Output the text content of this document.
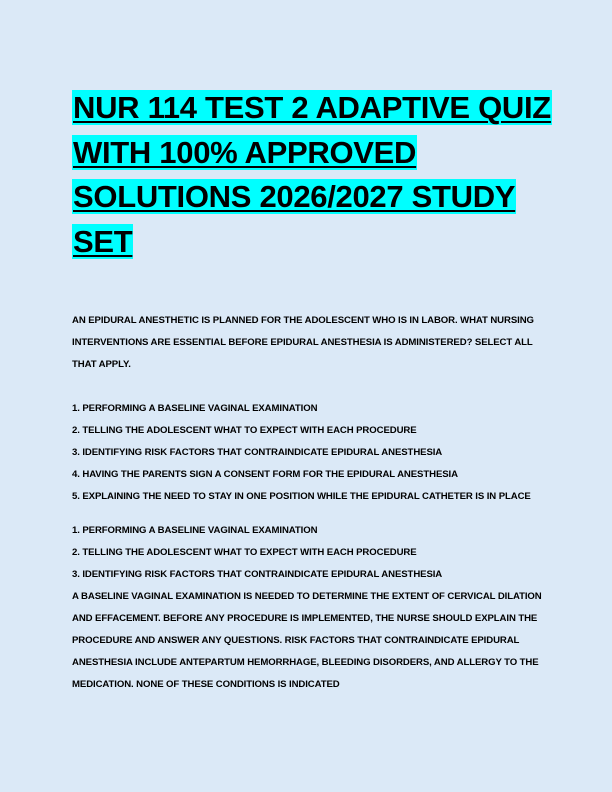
NUR 114 TEST 2 ADAPTIVE QUIZ WITH 100% APPROVED SOLUTIONS 2026/2027 STUDY SET

AN EPIDURAL ANESTHETIC IS PLANNED FOR THE ADOLESCENT WHO IS IN LABOR. WHAT NURSING INTERVENTIONS ARE ESSENTIAL BEFORE EPIDURAL ANESTHESIA IS ADMINISTERED? SELECT ALL THAT APPLY.

1. PERFORMING A BASELINE VAGINAL EXAMINATION
2. TELLING THE ADOLESCENT WHAT TO EXPECT WITH EACH PROCEDURE
3. IDENTIFYING RISK FACTORS THAT CONTRAINDICATE EPIDURAL ANESTHESIA
4. HAVING THE PARENTS SIGN A CONSENT FORM FOR THE EPIDURAL ANESTHESIA
5. EXPLAINING THE NEED TO STAY IN ONE POSITION WHILE THE EPIDURAL CATHETER IS IN PLACE
1. PERFORMING A BASELINE VAGINAL EXAMINATION
2. TELLING THE ADOLESCENT WHAT TO EXPECT WITH EACH PROCEDURE
3. IDENTIFYING RISK FACTORS THAT CONTRAINDICATE EPIDURAL ANESTHESIA

A BASELINE VAGINAL EXAMINATION IS NEEDED TO DETERMINE THE EXTENT OF CERVICAL DILATION AND EFFACEMENT. BEFORE ANY PROCEDURE IS IMPLEMENTED, THE NURSE SHOULD EXPLAIN THE PROCEDURE AND ANSWER ANY QUESTIONS. RISK FACTORS THAT CONTRAINDICATE EPIDURAL ANESTHESIA INCLUDE ANTEPARTUM HEMORRHAGE, BLEEDING DISORDERS, AND ALLERGY TO THE MEDICATION. NONE OF THESE CONDITIONS IS INDICATED
